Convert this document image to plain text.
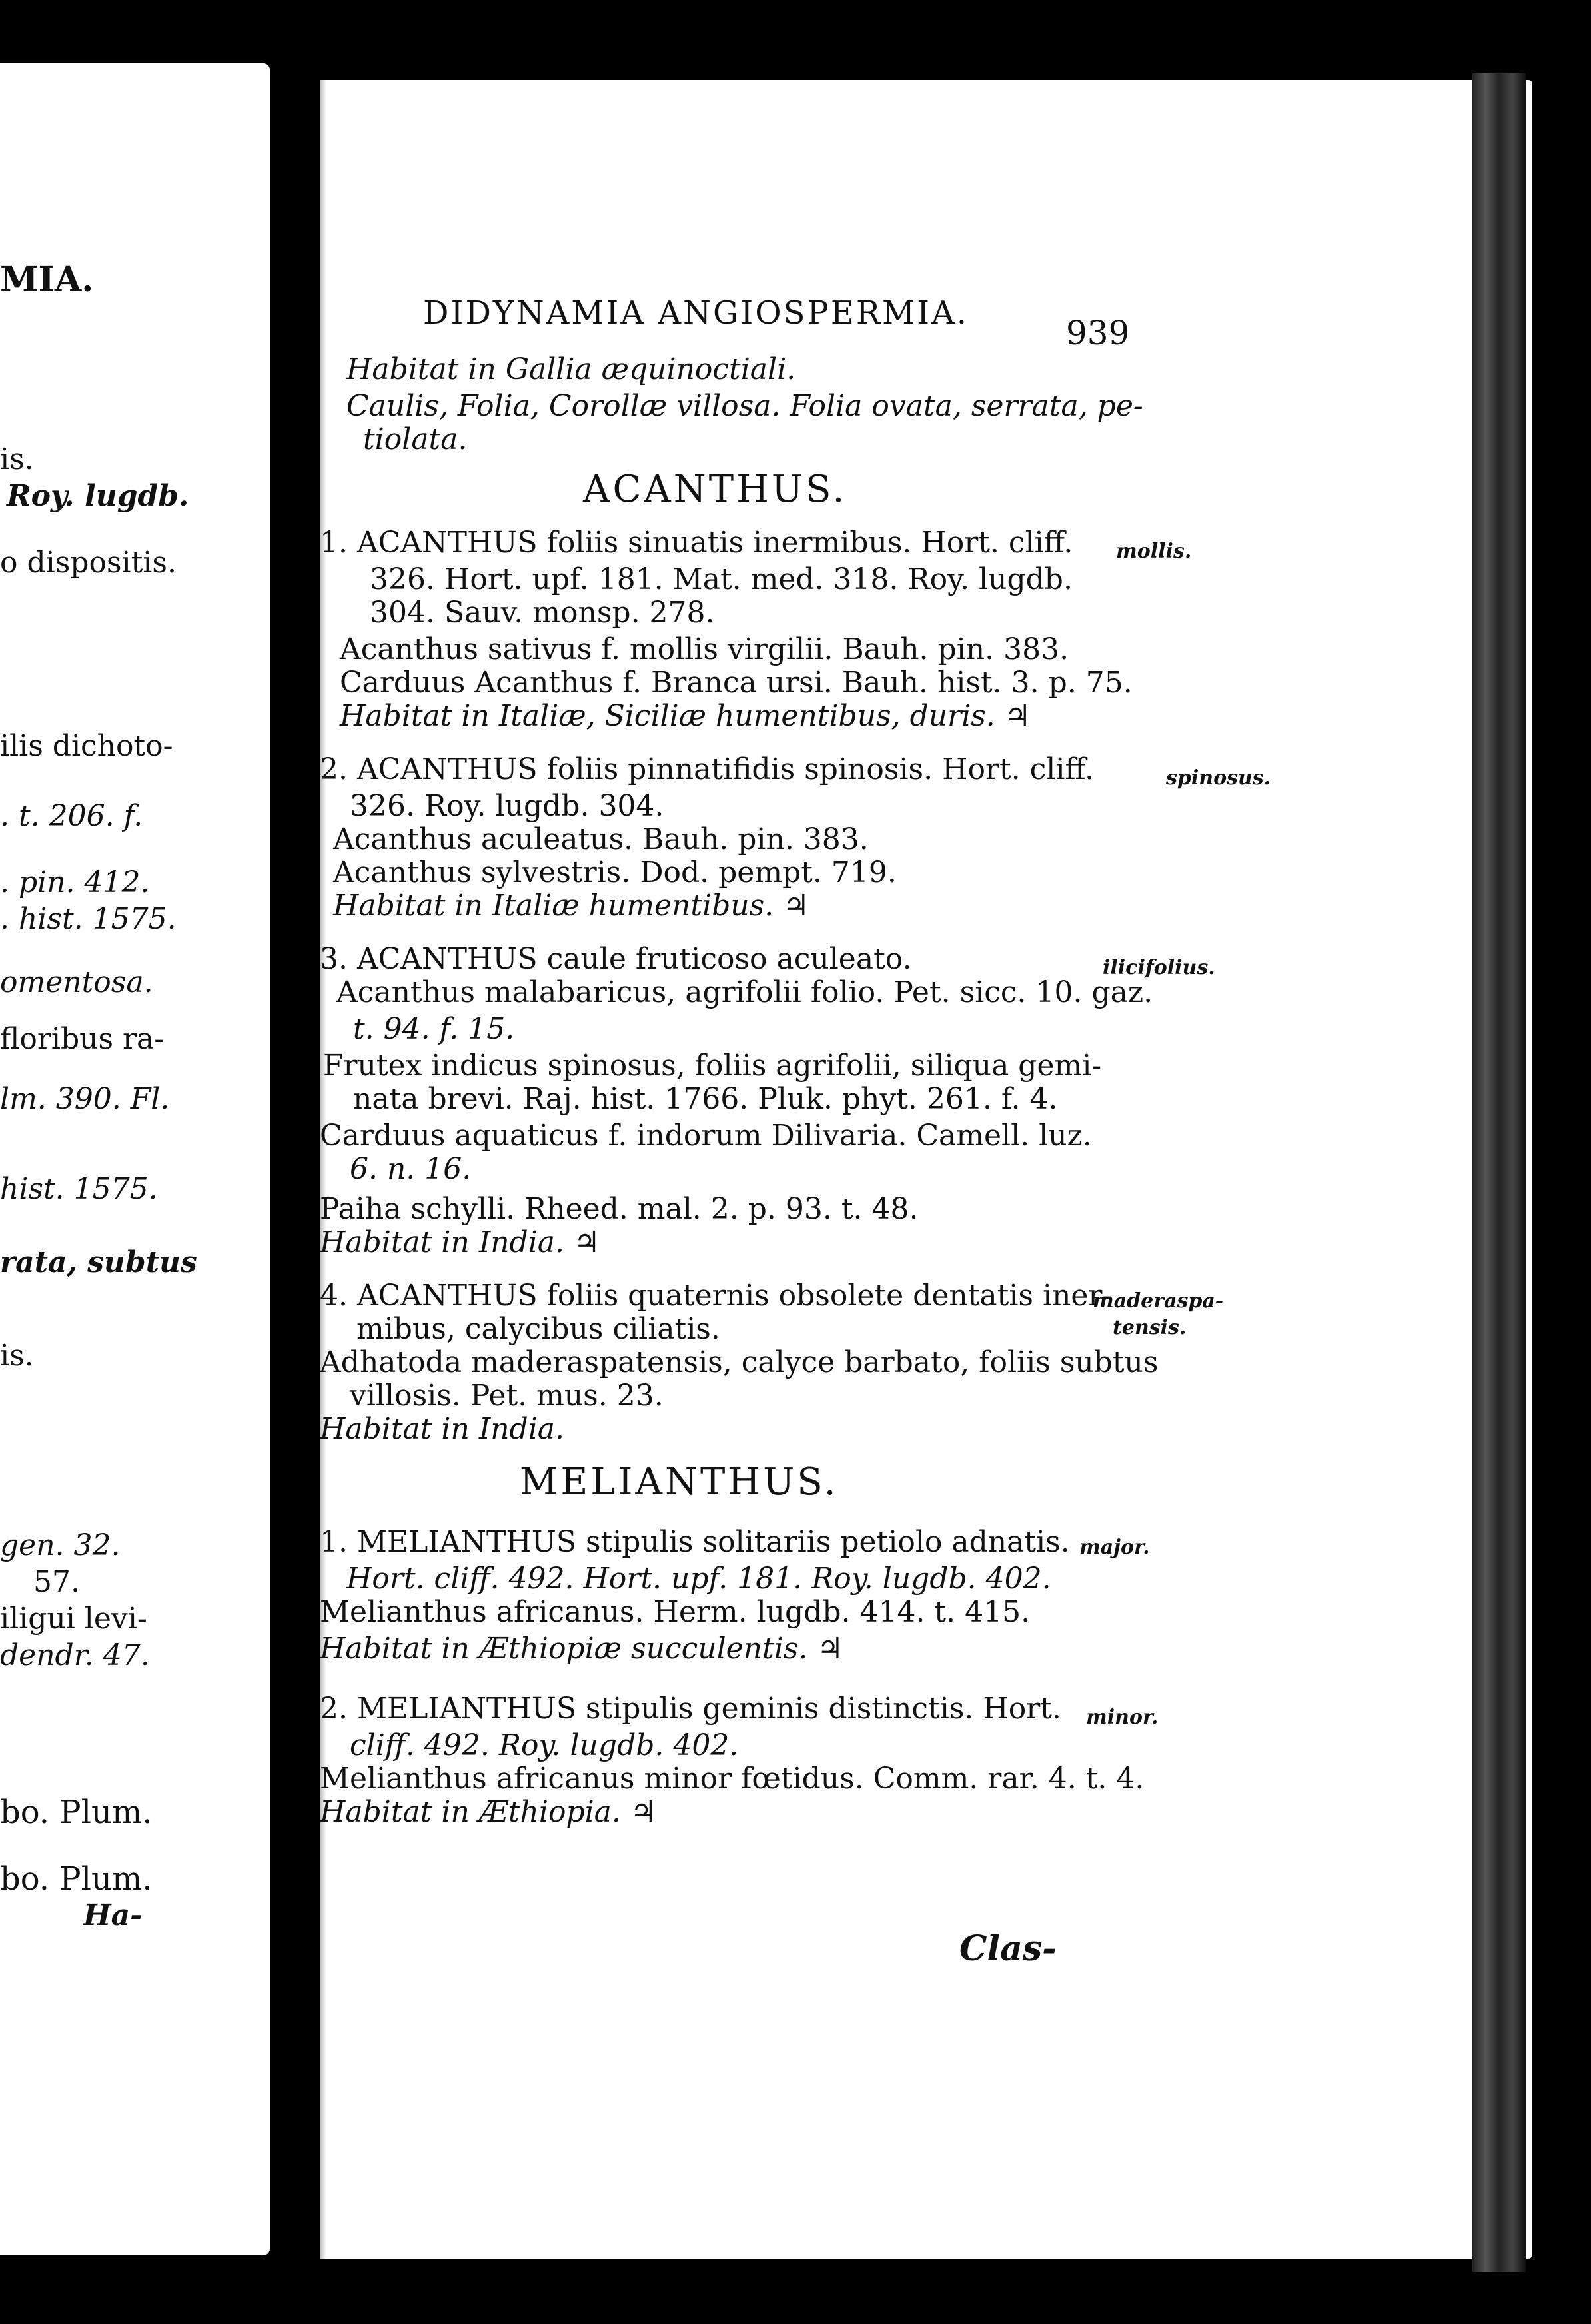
MIA.
is.
Roy. lugdb.
o dispositis.
ilis dichoto-
. t. 206. f.
. pin. 412.
. hist. 1575.
omentosa.
floribus ra-
lm. 390. Fl.
hist. 1575.
rata, subtus
is.
gen. 32.
57.
iligui levi-
dendr. 47.
bo. Plum.
bo. Plum.
Ha-
DIDYNAMIA ANGIOSPERMIA.
939
Habitat in Gallia æquinoctiali.
Caulis, Folia, Corollæ villosa. Folia ovata, serrata, pe-
tiolata.
ACANTHUS.
1. ACANTHUS foliis sinuatis inermibus. Hort. cliff.
326. Hort. upf. 181. Mat. med. 318. Roy. lugdb.
304. Sauv. monsp. 278.
Acanthus sativus f. mollis virgilii. Bauh. pin. 383.
Carduus Acanthus f. Branca ursi. Bauh. hist. 3. p. 75.
Habitat in Italiæ, Siciliæ humentibus, duris. ♃
mollis.
2. ACANTHUS foliis pinnatifidis spinosis. Hort. cliff.
326. Roy. lugdb. 304.
Acanthus aculeatus. Bauh. pin. 383.
Acanthus sylvestris. Dod. pempt. 719.
Habitat in Italiæ humentibus. ♃
spinosus.
3. ACANTHUS caule fruticoso aculeato.
Acanthus malabaricus, agrifolii folio. Pet. sicc. 10. gaz.
t. 94. f. 15.
Frutex indicus spinosus, foliis agrifolii, siliqua gemi-
nata brevi. Raj. hist. 1766. Pluk. phyt. 261. f. 4.
Carduus aquaticus f. indorum Dilivaria. Camell. luz.
6. n. 16.
Paiha schylli. Rheed. mal. 2. p. 93. t. 48.
Habitat in India. ♃
ilicifolius.
4. ACANTHUS foliis quaternis obsolete dentatis iner-
mibus, calycibus ciliatis.
Adhatoda maderaspatensis, calyce barbato, foliis subtus
villosis. Pet. mus. 23.
Habitat in India.
maderaspa-
tensis.
MELIANTHUS.
1. MELIANTHUS stipulis solitariis petiolo adnatis.
Hort. cliff. 492. Hort. upf. 181. Roy. lugdb. 402.
Melianthus africanus. Herm. lugdb. 414. t. 415.
Habitat in Æthiopiæ succulentis. ♃
major.
2. MELIANTHUS stipulis geminis distinctis. Hort.
cliff. 492. Roy. lugdb. 402.
Melianthus africanus minor fœtidus. Comm. rar. 4. t. 4.
Habitat in Æthiopia. ♃
minor.
Clas-
